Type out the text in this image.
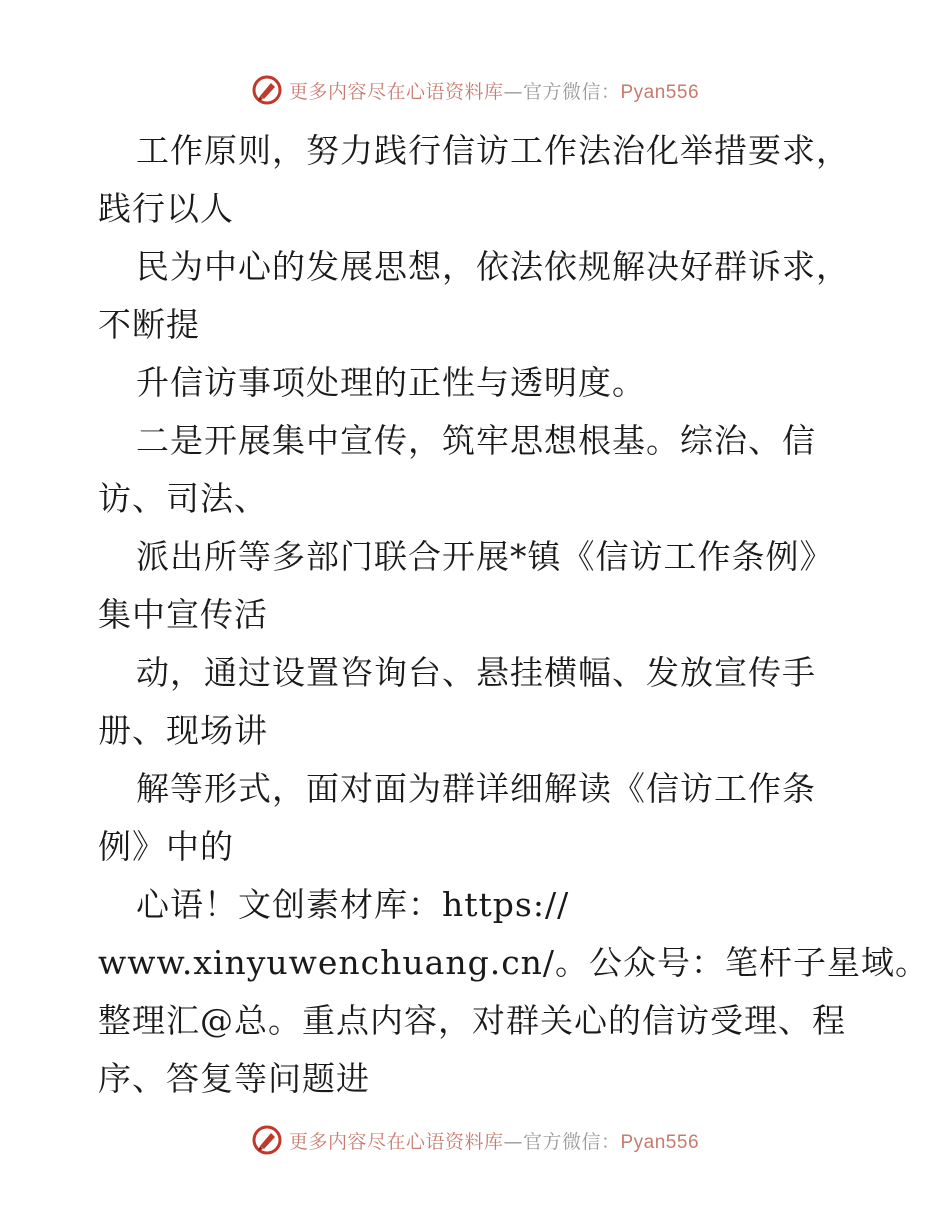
更多内容尽在心语资料库—官方微信：Pyan556
工作原则，努力践行信访工作法治化举措要求，
践行以人
民为中心的发展思想，依法依规解决好群诉求，
不断提
升信访事项处理的正性与透明度。
二是开展集中宣传，筑牢思想根基。综治、信
访、司法、
派出所等多部门联合开展*镇《信访工作条例》
集中宣传活
动，通过设置咨询台、悬挂横幅、发放宣传手
册、现场讲
解等形式，面对面为群详细解读《信访工作条
例》中的
心语！文创素材库：https://
www.xinyuwenchuang.cn/。公众号：笔杆子星域。
整理汇@总。重点内容，对群关心的信访受理、程
序、答复等问题进
更多内容尽在心语资料库—官方微信：Pyan556
